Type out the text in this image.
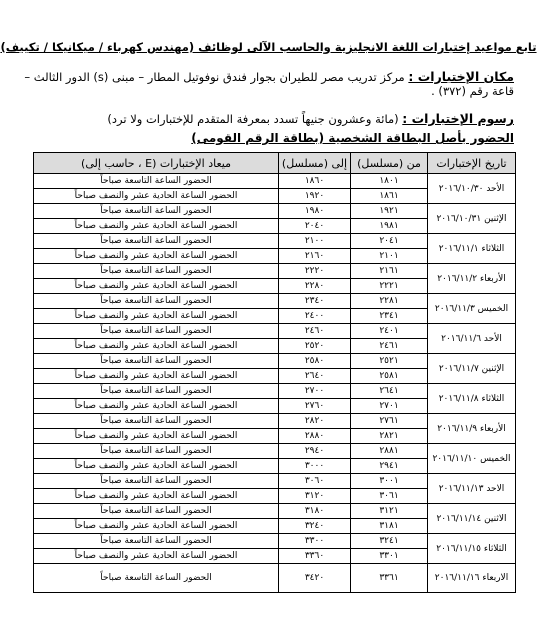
تابع مواعيد إختبارات اللغة الانجليزية والحاسب الآلى لوظائف (مهندس كهرباء / ميكانيكا / تكييف)
مكان الإختبارات : مركز تدريب مصر للطيران بجوار فندق نوفوتيل المطار – مبنى (s) الدور الثالث – قاعة رقم (٣٧٢) .
رسوم الإختبارات : (مائة وعشرون جنيهاً تسدد بمعرفة المتقدم للإختبارات ولا ترد)
الحضور بأصل البطاقة الشخصية (بطاقة الرقم القومى)
تاريخ الإختبارات	من (مسلسل)	إلى (مسلسل)	ميعاد الإختبارات (E ، حاسب إلى)
الأحد ٢٠١٦/١٠/٣٠	١٨٠١	١٨٦٠	الحضور الساعة التاسعة صباحاً
	١٨٦١	١٩٢٠	الحضور الساعة الحادية عشر والنصف صباحاً
الإثنين ٢٠١٦/١٠/٣١	١٩٢١	١٩٨٠	الحضور الساعة التاسعة صباحاً
	١٩٨١	٢٠٤٠	الحضور الساعة الحادية عشر والنصف صباحاً
الثلاثاء ٢٠١٦/١١/١	٢٠٤١	٢١٠٠	الحضور الساعة التاسعة صباحاً
	٢١٠١	٢١٦٠	الحضور الساعة الحادية عشر والنصف صباحاً
الأربعاء ٢٠١٦/١١/٢	٢١٦١	٢٢٢٠	الحضور الساعة التاسعة صباحاً
	٢٢٢١	٢٢٨٠	الحضور الساعة الحادية عشر والنصف صباحاً
الخميس ٢٠١٦/١١/٣	٢٢٨١	٢٣٤٠	الحضور الساعة التاسعة صباحاً
	٢٣٤١	٢٤٠٠	الحضور الساعة الحادية عشر والنصف صباحاً
الأحد ٢٠١٦/١١/٦	٢٤٠١	٢٤٦٠	الحضور الساعة التاسعة صباحاً
	٢٤٦١	٢٥٢٠	الحضور الساعة الحادية عشر والنصف صباحاً
الإثنين ٢٠١٦/١١/٧	٢٥٢١	٢٥٨٠	الحضور الساعة التاسعة صباحاً
	٢٥٨١	٢٦٤٠	الحضور الساعة الحادية عشر والنصف صباحاً
الثلاثاء ٢٠١٦/١١/٨	٢٦٤١	٢٧٠٠	الحضور الساعة التاسعة صباحاً
	٢٧٠١	٢٧٦٠	الحضور الساعة الحادية عشر والنصف صباحاً
الأربعاء ٢٠١٦/١١/٩	٢٧٦١	٢٨٢٠	الحضور الساعة التاسعة صباحاً
	٢٨٢١	٢٨٨٠	الحضور الساعة الحادية عشر والنصف صباحاً
الخميس ٢٠١٦/١١/١٠	٢٨٨١	٢٩٤٠	الحضور الساعة التاسعة صباحاً
	٢٩٤١	٣٠٠٠	الحضور الساعة الحادية عشر والنصف صباحاً
الاحد ٢٠١٦/١١/١٣	٣٠٠١	٣٠٦٠	الحضور الساعة التاسعة صباحاً
	٣٠٦١	٣١٢٠	الحضور الساعة الحادية عشر والنصف صباحاً
الاثنين ٢٠١٦/١١/١٤	٣١٢١	٣١٨٠	الحضور الساعة التاسعة صباحاً
	٣١٨١	٣٢٤٠	الحضور الساعة الحادية عشر والنصف صباحاً
الثلاثاء ٢٠١٦/١١/١٥	٣٢٤١	٣٣٠٠	الحضور الساعة التاسعة صباحاً
	٣٣٠١	٣٣٦٠	الحضور الساعة الحادية عشر والنصف صباحاً
الاربعاء ٢٠١٦/١١/١٦	٣٣٦١	٣٤٢٠	الحضور الساعة التاسعة صباحاً
